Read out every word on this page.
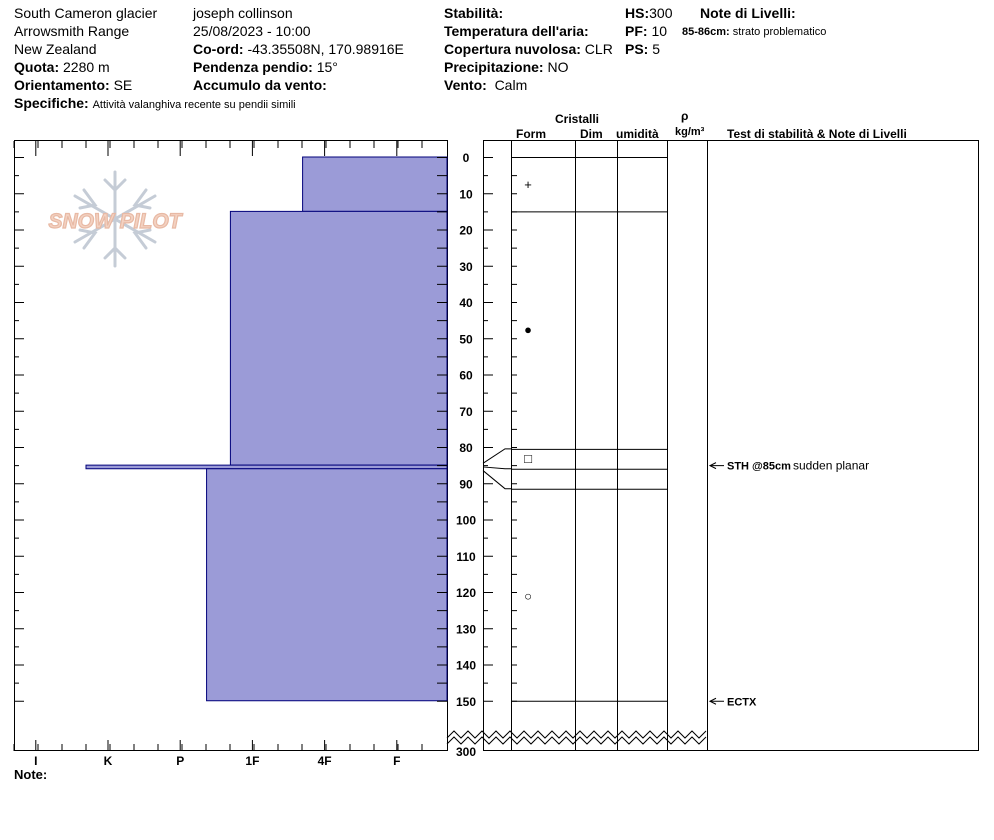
South Cameron glacier
Arrowsmith Range
New Zealand
Quota: 2280 m
Orientamento: SE
Specifiche: Attività valanghiva recente su pendii simili
joseph collinson
25/08/2023 - 10:00
Co-ord: -43.35508N, 170.98916E
Pendenza pendio: 15°
Accumulo da vento:
Stabilità:
Temperatura dell'aria:
Copertura nuvolosa: CLR
Precipitazione: NO
Vento: Calm
HS:300
PF: 10
PS: 5
Note di Livelli:
85-86cm: strato problematico
Cristalli
Form	Dim umidità
ρ
kg/m³ Test di stabilità & Note di Livelli
Note:
SNOW PILOT
0
10
20
30
40
50
60
70
80
90
100
110
120
130
140
150
300
I	K	P	1F	4F	F
+
●
□
○
STH @85cm sudden planar
ECTX
